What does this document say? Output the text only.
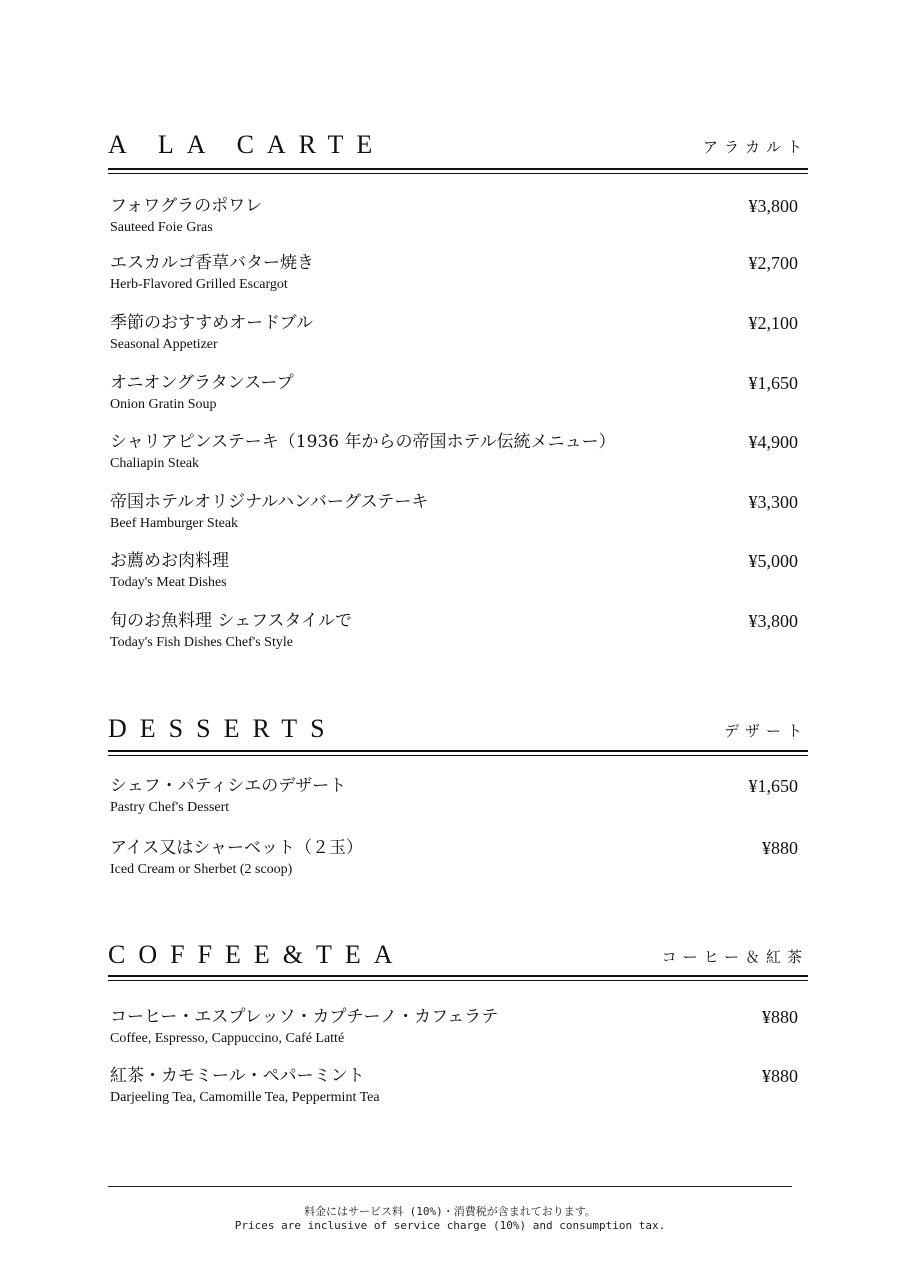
A LA CARTE	アラカルト
フォワグラのポワレ
Sauteed Foie Gras
¥3,800
エスカルゴ香草バター焼き
Herb-Flavored Grilled Escargot
¥2,700
季節のおすすめオードブル
Seasonal Appetizer
¥2,100
オニオングラタンスープ
Onion Gratin Soup
¥1,650
シャリアピンステーキ（1936 年からの帝国ホテル伝統メニュー）
Chaliapin Steak
¥4,900
帝国ホテルオリジナルハンバーグステーキ
Beef Hamburger Steak
¥3,300
お薦めお肉料理
Today's Meat Dishes
¥5,000
旬のお魚料理 シェフスタイルで
Today's Fish Dishes Chef's Style
¥3,800
DESSERTS	デザート
シェフ・パティシエのデザート
Pastry Chef's Dessert
¥1,650
アイス又はシャーベット（２玉）
Iced Cream or Sherbet (2 scoop)
¥880
COFFEE&TEA	コーヒー＆紅茶
コーヒー・エスプレッソ・カプチーノ・カフェラテ
Coffee, Espresso, Cappuccino, Café Latté
¥880
紅茶・カモミール・ペパーミント
Darjeeling Tea, Camomille Tea, Peppermint Tea
¥880
料金にはサービス料 (10%)・消費税が含まれております。
Prices are inclusive of service charge (10%) and consumption tax.
